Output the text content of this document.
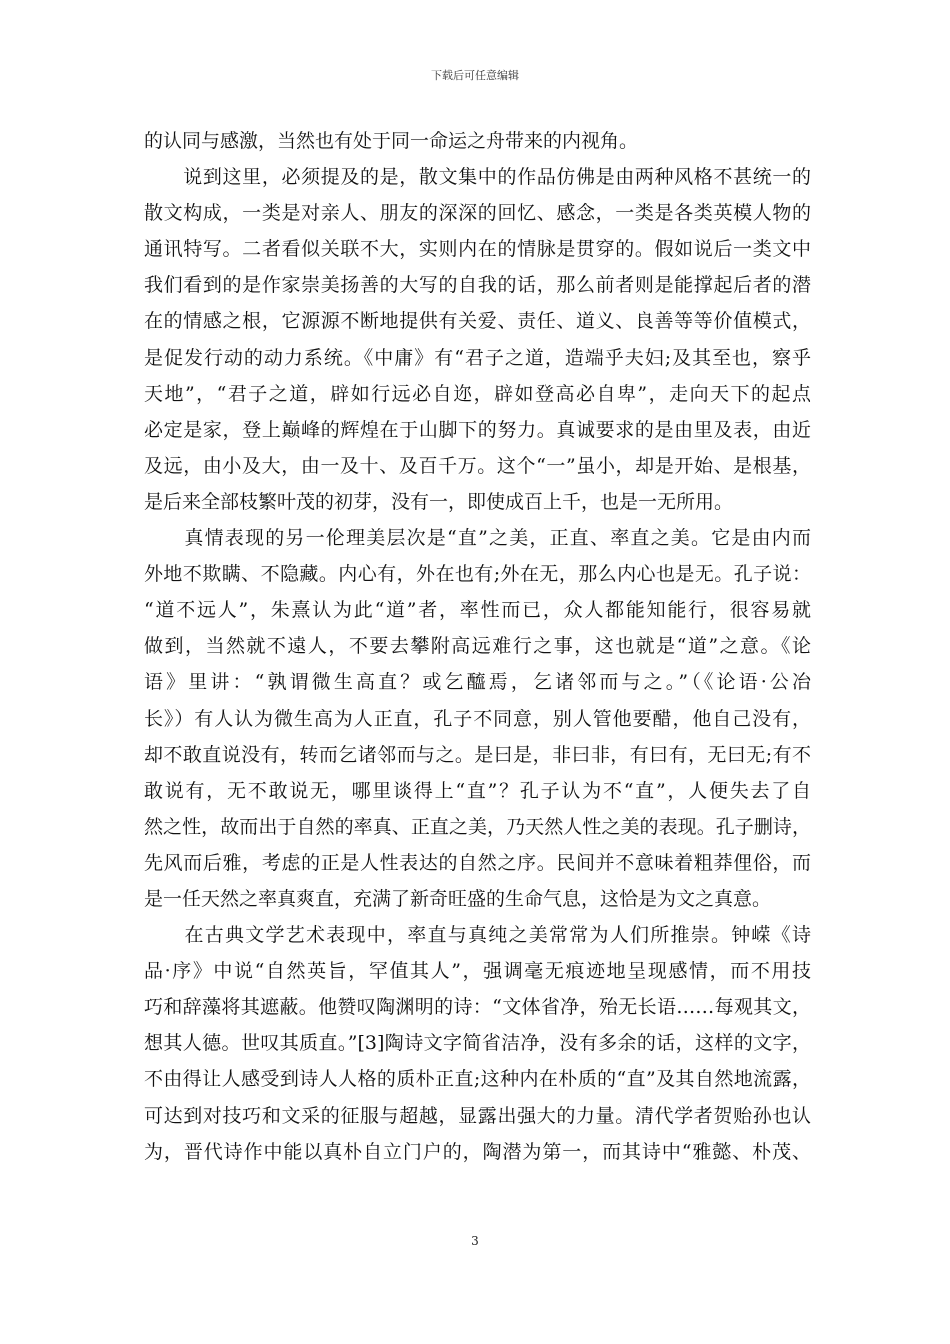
下载后可任意编辑
的认同与感激，当然也有处于同一命运之舟带来的内视角。
　　说到这里，必须提及的是，散文集中的作品仿佛是由两种风格不甚统一的
散文构成，一类是对亲人、朋友的深深的回忆、感念，一类是各类英模人物的
通讯特写。二者看似关联不大，实则内在的情脉是贯穿的。假如说后一类文中
我们看到的是作家崇美扬善的大写的自我的话，那么前者则是能撑起后者的潜
在的情感之根，它源源不断地提供有关爱、责任、道义、良善等等价值模式，
是促发行动的动力系统。《中庸》有“君子之道，造端乎夫妇;及其至也，察乎
天地”，“君子之道，辟如行远必自迩，辟如登高必自卑”，走向天下的起点
必定是家，登上巅峰的辉煌在于山脚下的努力。真诚要求的是由里及表，由近
及远，由小及大，由一及十、及百千万。这个“一”虽小，却是开始、是根基，
是后来全部枝繁叶茂的初芽，没有一，即使成百上千，也是一无所用。
　　真情表现的另一伦理美层次是“直”之美，正直、率直之美。它是由内而
外地不欺瞒、不隐藏。内心有，外在也有;外在无，那么内心也是无。孔子说：
“道不远人”，朱熹认为此“道”者，率性而已，众人都能知能行，很容易就
做到，当然就不遠人，不要去攀附高远难行之事，这也就是“道”之意。《论
语》里讲：“孰谓微生高直？或乞醯焉，乞诸邻而与之。”（《论语·公冶
长》）有人认为微生高为人正直，孔子不同意，别人管他要醋，他自己没有，
却不敢直说没有，转而乞诸邻而与之。是曰是，非曰非，有曰有，无曰无;有不
敢说有，无不敢说无，哪里谈得上“直”？孔子认为不“直”，人便失去了自
然之性，故而出于自然的率真、正直之美，乃天然人性之美的表现。孔子删诗，
先风而后雅，考虑的正是人性表达的自然之序。民间并不意味着粗莽俚俗，而
是一任天然之率真爽直，充满了新奇旺盛的生命气息，这恰是为文之真意。
　　在古典文学艺术表现中，率直与真纯之美常常为人们所推崇。钟嵘《诗
品·序》中说“自然英旨，罕值其人”，强调毫无痕迹地呈现感情，而不用技
巧和辞藻将其遮蔽。他赞叹陶渊明的诗：“文体省净，殆无长语……每观其文，
想其人德。世叹其质直。”[3]陶诗文字简省洁净，没有多余的话，这样的文字，
不由得让人感受到诗人人格的质朴正直;这种内在朴质的“直”及其自然地流露，
可达到对技巧和文采的征服与超越，显露出强大的力量。清代学者贺贻孙也认
为，晋代诗作中能以真朴自立门户的，陶潜为第一，而其诗中“雅懿、朴茂、
3
